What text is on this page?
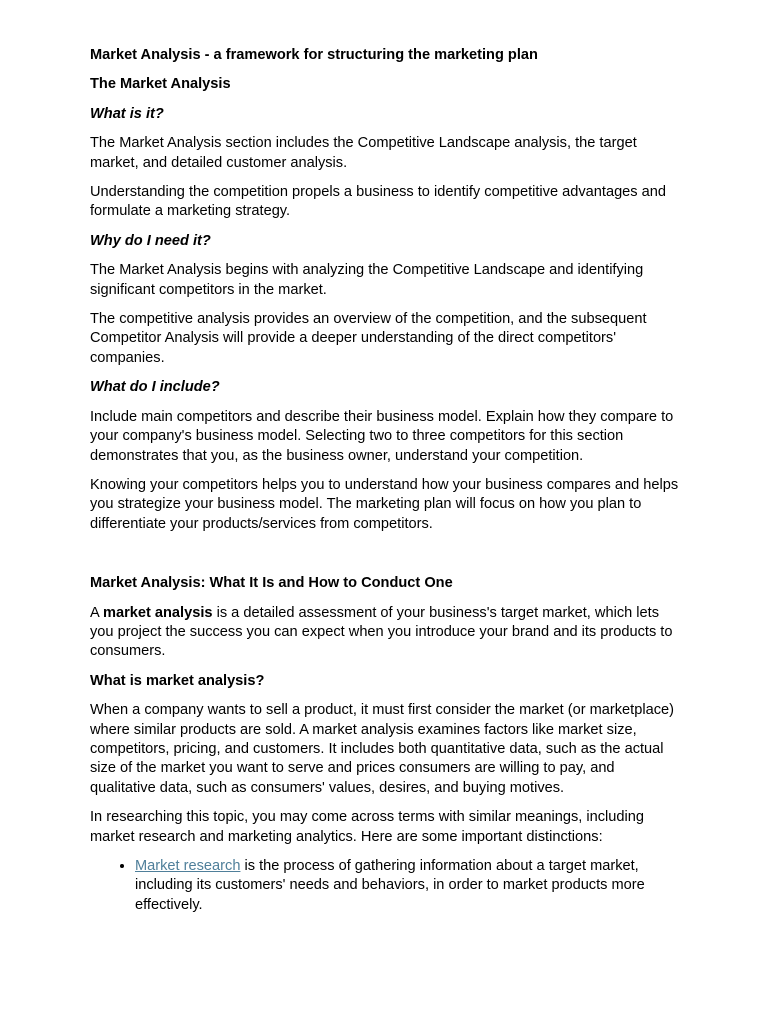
Market Analysis - a framework for structuring the marketing plan

The Market Analysis

What is it?

The Market Analysis section includes the Competitive Landscape analysis, the target market, and detailed customer analysis.

Understanding the competition propels a business to identify competitive advantages and formulate a marketing strategy.

Why do I need it?

The Market Analysis begins with analyzing the Competitive Landscape and identifying significant competitors in the market.

The competitive analysis provides an overview of the competition, and the subsequent Competitor Analysis will provide a deeper understanding of the direct competitors' companies.

What do I include?

Include main competitors and describe their business model. Explain how they compare to your company's business model. Selecting two to three competitors for this section demonstrates that you, as the business owner, understand your competition.

Knowing your competitors helps you to understand how your business compares and helps you strategize your business model. The marketing plan will focus on how you plan to differentiate your products/services from competitors.

Market Analysis: What It Is and How to Conduct One

A market analysis is a detailed assessment of your business's target market, which lets you project the success you can expect when you introduce your brand and its products to consumers.

What is market analysis?

When a company wants to sell a product, it must first consider the market (or marketplace) where similar products are sold. A market analysis examines factors like market size, competitors, pricing, and customers. It includes both quantitative data, such as the actual size of the market you want to serve and prices consumers are willing to pay, and qualitative data, such as consumers' values, desires, and buying motives.

In researching this topic, you may come across terms with similar meanings, including market research and marketing analytics. Here are some important distinctions:

• Market research is the process of gathering information about a target market, including its customers' needs and behaviors, in order to market products more effectively.
